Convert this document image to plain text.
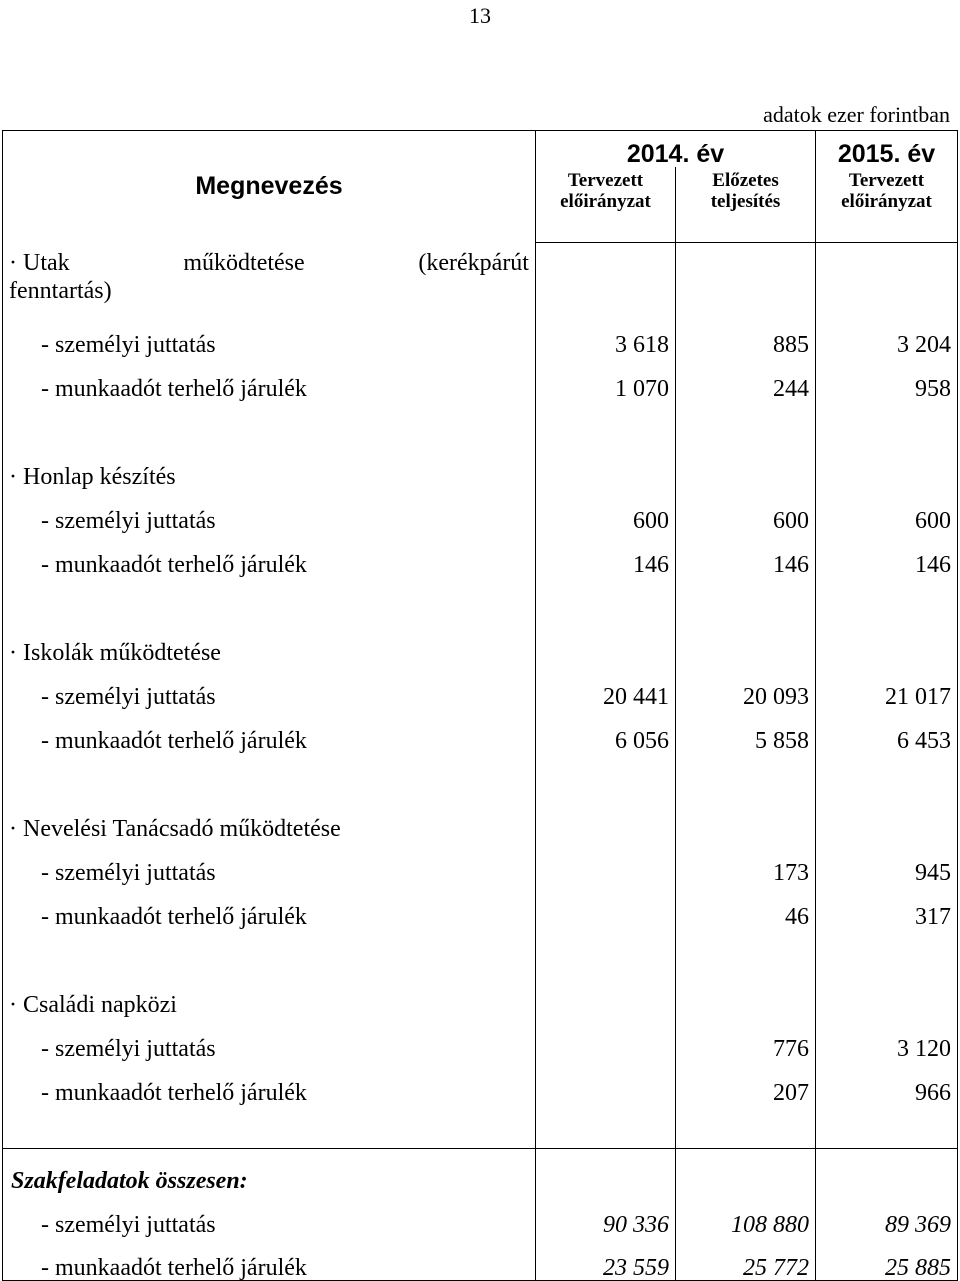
13
adatok ezer forintban
Megnevezés	2014. év		2015. év
	Tervezett előirányzat	Előzetes teljesítés	Tervezett előirányzat

· Utak működtetése (kerékpárút
fenntartás)			

- személyi juttatás	3 618	885	3 204
- munkaadót terhelő járulék	1 070	244	958

· Honlap készítés			
- személyi juttatás	600	600	600
- munkaadót terhelő járulék	146	146	146

· Iskolák működtetése			
- személyi juttatás	20 441	20 093	21 017
- munkaadót terhelő járulék	6 056	5 858	6 453

· Nevelési Tanácsadó működtetése			
- személyi juttatás		173	945
- munkaadót terhelő járulék		46	317

· Családi napközi			
- személyi juttatás		776	3 120
- munkaadót terhelő járulék		207	966

Szakfeladatok összesen:			
- személyi juttatás	90 336	108 880	89 369
- munkaadót terhelő járulék	23 559	25 772	25 885
